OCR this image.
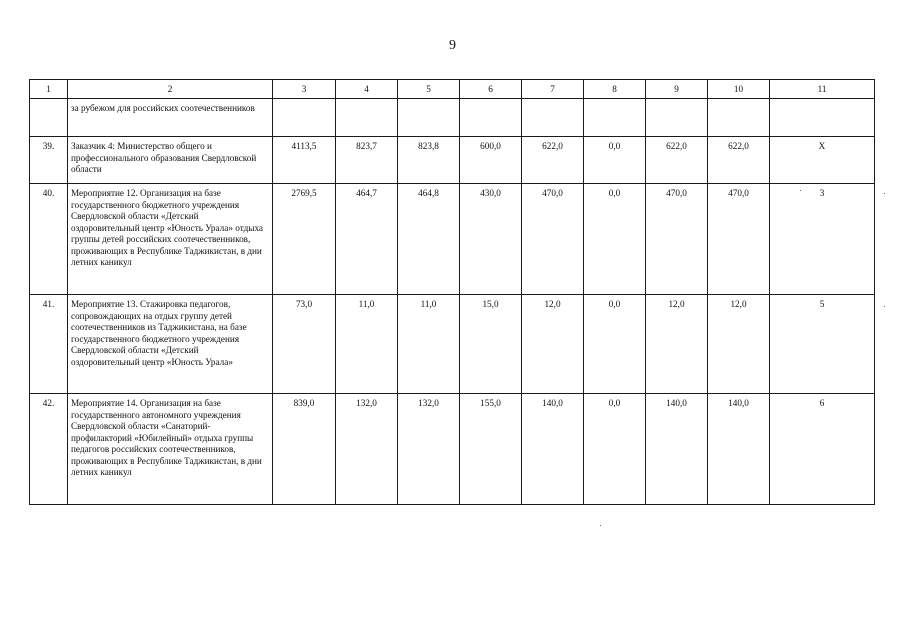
9
1	2	3	4	5	6	7	8	9	10	11

	за рубежом для российских соотечественников									

39.	Заказчик 4: Министерство общего и профессионального образования Свердловской области	4113,5	823,7	823,8	600,0	622,0	0,0	622,0	622,0	X

40.	Мероприятие 12. Организация на базе государственного бюджетного учреждения Свердловской области «Детский оздоровительный центр «Юность Урала» отдыха группы детей российских соотечественников, проживающих в Республике Таджикистан, в дни летних каникул	2769,5	464,7	464,8	430,0	470,0	0,0	470,0	470,0	3

41.	Мероприятие 13. Стажировка педагогов, сопровождающих на отдых группу детей соотечественников из Таджикистана, на базе государственного бюджетного учреждения Свердловской области «Детский оздоровительный центр «Юность Урала»	73,0	11,0	11,0	15,0	12,0	0,0	12,0	12,0	5

42.	Мероприятие 14. Организация на базе государственного автономного учреждения Свердловской области «Санаторий-профилакторий «Юбилейный» отдыха группы педагогов российских соотечественников, проживающих в Республике Таджикистан, в дни летних каникул	839,0	132,0	132,0	155,0	140,0	0,0	140,0	140,0	6
